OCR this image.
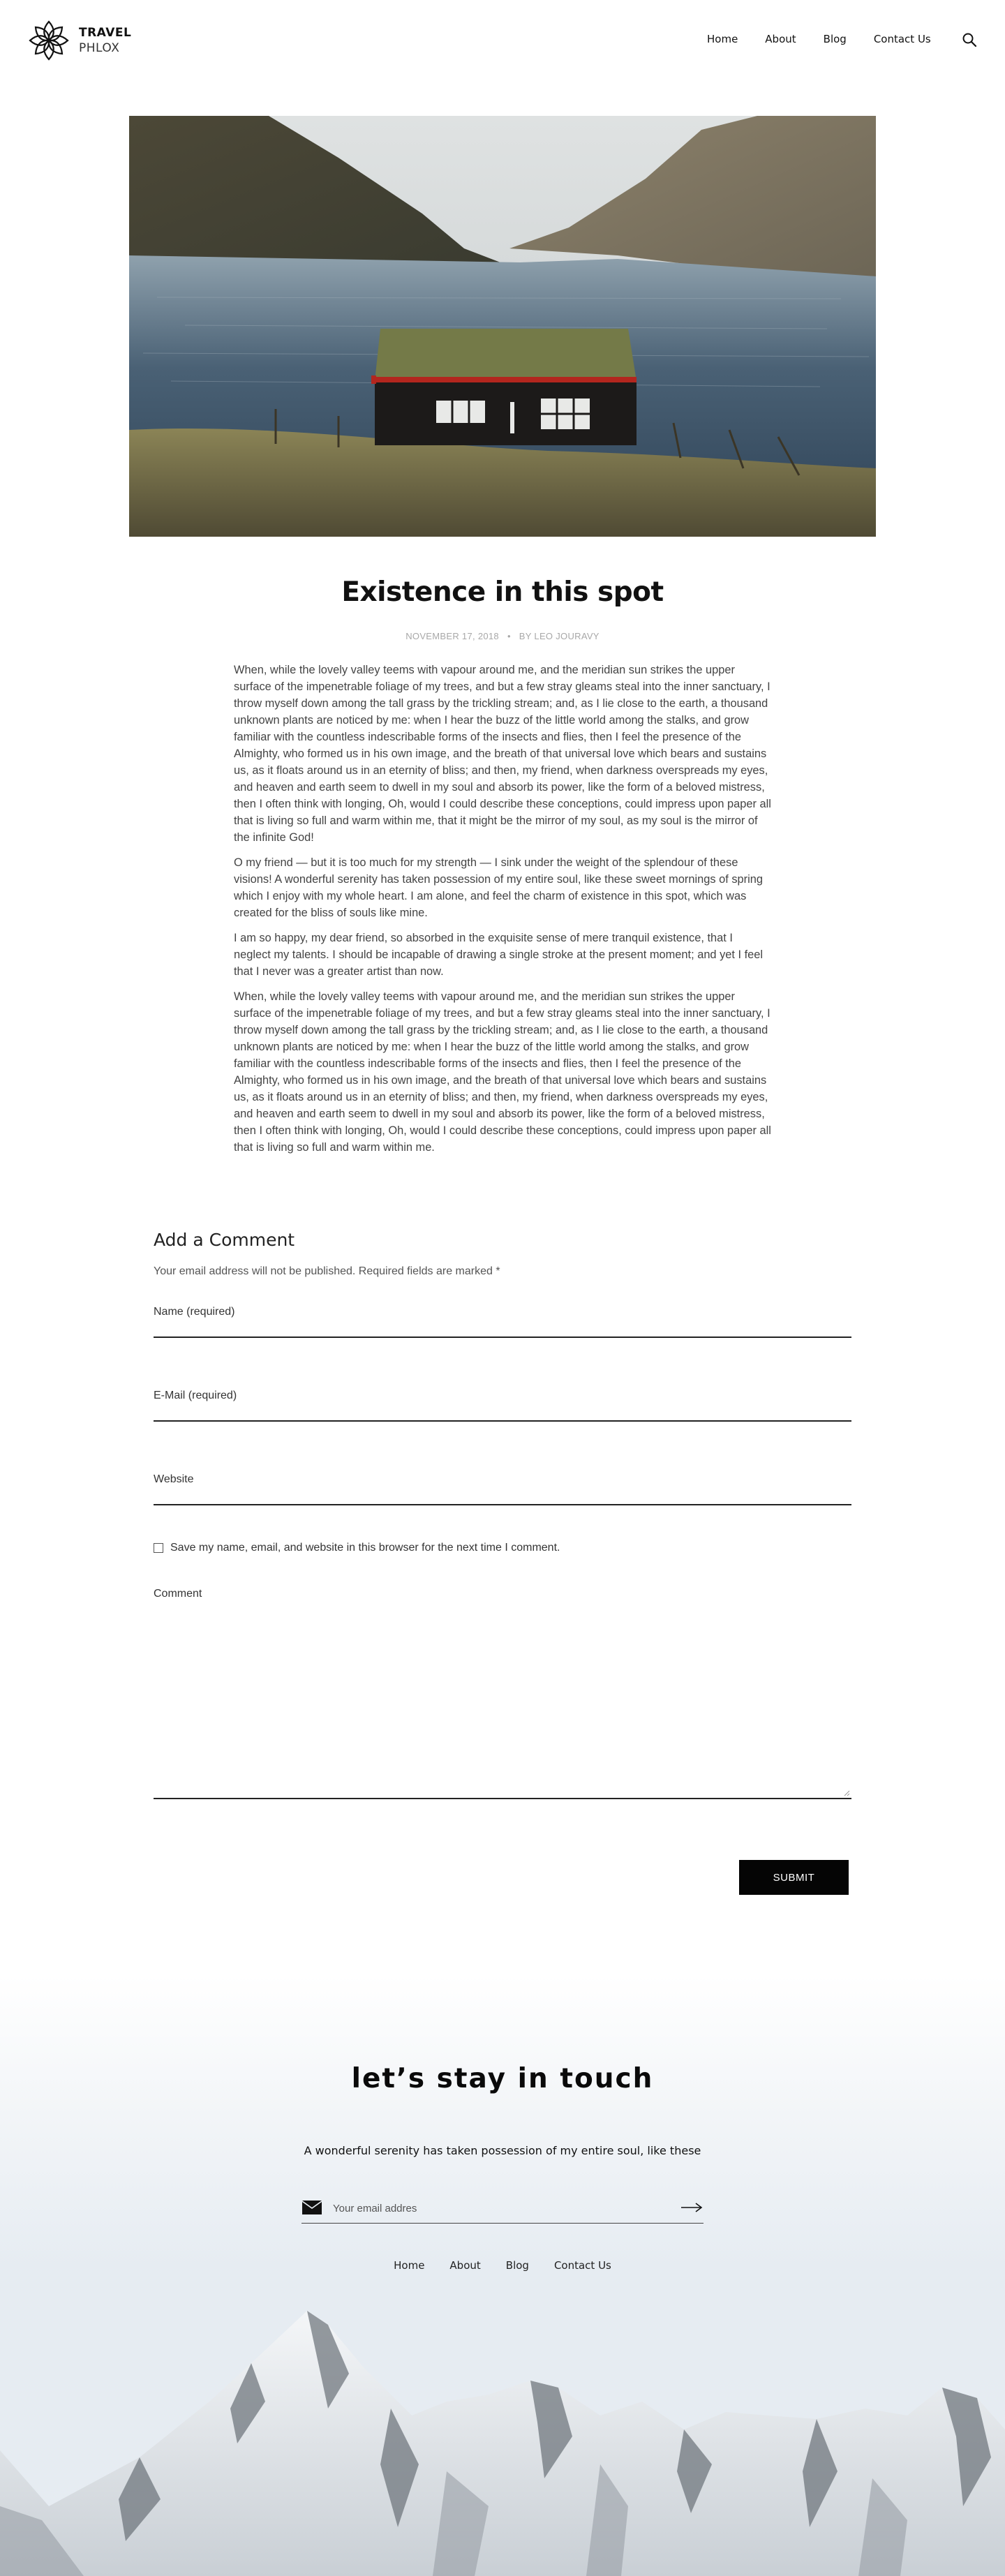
TRAVEL
PHLOX
Home	About	Blog	Contact Us
Existence in this spot
NOVEMBER 17, 2018 • BY LEO JOURAVY

When, while the lovely valley teems with vapour around me, and the meridian sun strikes the upper surface of the impenetrable foliage of my trees, and but a few stray gleams steal into the inner sanctuary, I throw myself down among the tall grass by the trickling stream; and, as I lie close to the earth, a thousand unknown plants are noticed by me: when I hear the buzz of the little world among the stalks, and grow familiar with the countless indescribable forms of the insects and flies, then I feel the presence of the Almighty, who formed us in his own image, and the breath of that universal love which bears and sustains us, as it floats around us in an eternity of bliss; and then, my friend, when darkness overspreads my eyes, and heaven and earth seem to dwell in my soul and absorb its power, like the form of a beloved mistress, then I often think with longing, Oh, would I could describe these conceptions, could impress upon paper all that is living so full and warm within me, that it might be the mirror of my soul, as my soul is the mirror of the infinite God!

O my friend — but it is too much for my strength — I sink under the weight of the splendour of these visions! A wonderful serenity has taken possession of my entire soul, like these sweet mornings of spring which I enjoy with my whole heart. I am alone, and feel the charm of existence in this spot, which was created for the bliss of souls like mine.

I am so happy, my dear friend, so absorbed in the exquisite sense of mere tranquil existence, that I neglect my talents. I should be incapable of drawing a single stroke at the present moment; and yet I feel that I never was a greater artist than now.

When, while the lovely valley teems with vapour around me, and the meridian sun strikes the upper surface of the impenetrable foliage of my trees, and but a few stray gleams steal into the inner sanctuary, I throw myself down among the tall grass by the trickling stream; and, as I lie close to the earth, a thousand unknown plants are noticed by me: when I hear the buzz of the little world among the stalks, and grow familiar with the countless indescribable forms of the insects and flies, then I feel the presence of the Almighty, who formed us in his own image, and the breath of that universal love which bears and sustains us, as it floats around us in an eternity of bliss; and then, my friend, when darkness overspreads my eyes, and heaven and earth seem to dwell in my soul and absorb its power, like the form of a beloved mistress, then I often think with longing, Oh, would I could describe these conceptions, could impress upon paper all that is living so full and warm within me.

Add a Comment
Your email address will not be published. Required fields are marked *
Name (required)
E-Mail (required)
Website
Save my name, email, and website in this browser for the next time I comment.
Comment
SUBMIT
let’s stay in touch
A wonderful serenity has taken possession of my entire soul, like these
Your email addres
Home About Blog Contact Us
